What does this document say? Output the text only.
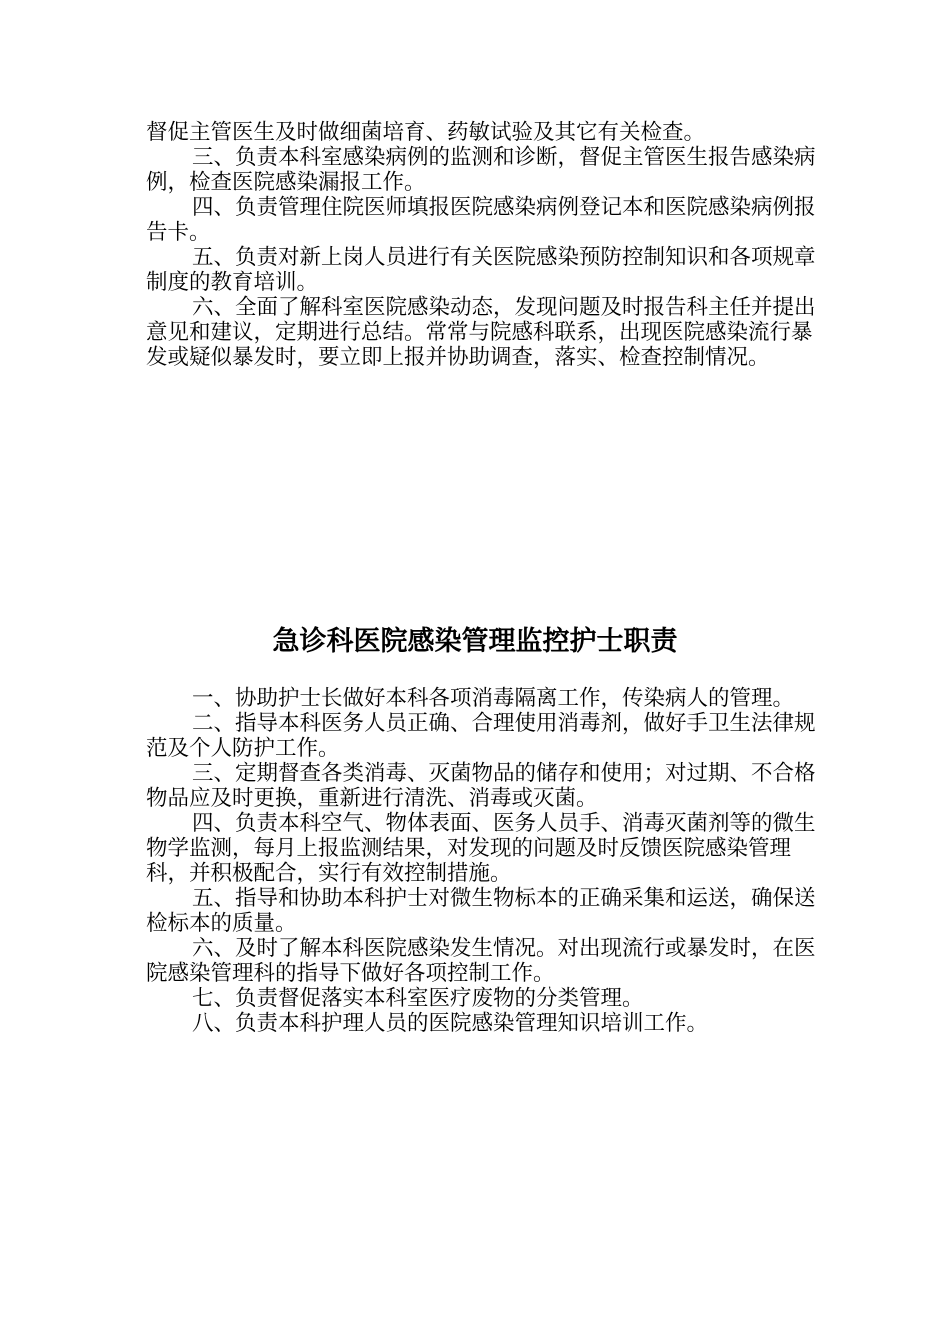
督促主管医生及时做细菌培育、药敏试验及其它有关检查。

三、负责本科室感染病例的监测和诊断，督促主管医生报告感染病例，检查医院感染漏报工作。

四、负责管理住院医师填报医院感染病例登记本和医院感染病例报告卡。

五、负责对新上岗人员进行有关医院感染预防控制知识和各项规章制度的教育培训。

六、全面了解科室医院感染动态，发现问题及时报告科主任并提出意见和建议，定期进行总结。常常与院感科联系，出现医院感染流行暴发或疑似暴发时，要立即上报并协助调查，落实、检查控制情况。

急诊科医院感染管理监控护士职责

一、协助护士长做好本科各项消毒隔离工作，传染病人的管理。

二、指导本科医务人员正确、合理使用消毒剂，做好手卫生法律规范及个人防护工作。

三、定期督查各类消毒、灭菌物品的储存和使用；对过期、不合格物品应及时更换，重新进行清洗、消毒或灭菌。

四、负责本科空气、物体表面、医务人员手、消毒灭菌剂等的微生物学监测，每月上报监测结果，对发现的问题及时反馈医院感染管理科，并积极配合，实行有效控制措施。

五、指导和协助本科护士对微生物标本的正确采集和运送，确保送检标本的质量。

六、及时了解本科医院感染发生情况。对出现流行或暴发时，在医院感染管理科的指导下做好各项控制工作。

七、负责督促落实本科室医疗废物的分类管理。

八、负责本科护理人员的医院感染管理知识培训工作。
